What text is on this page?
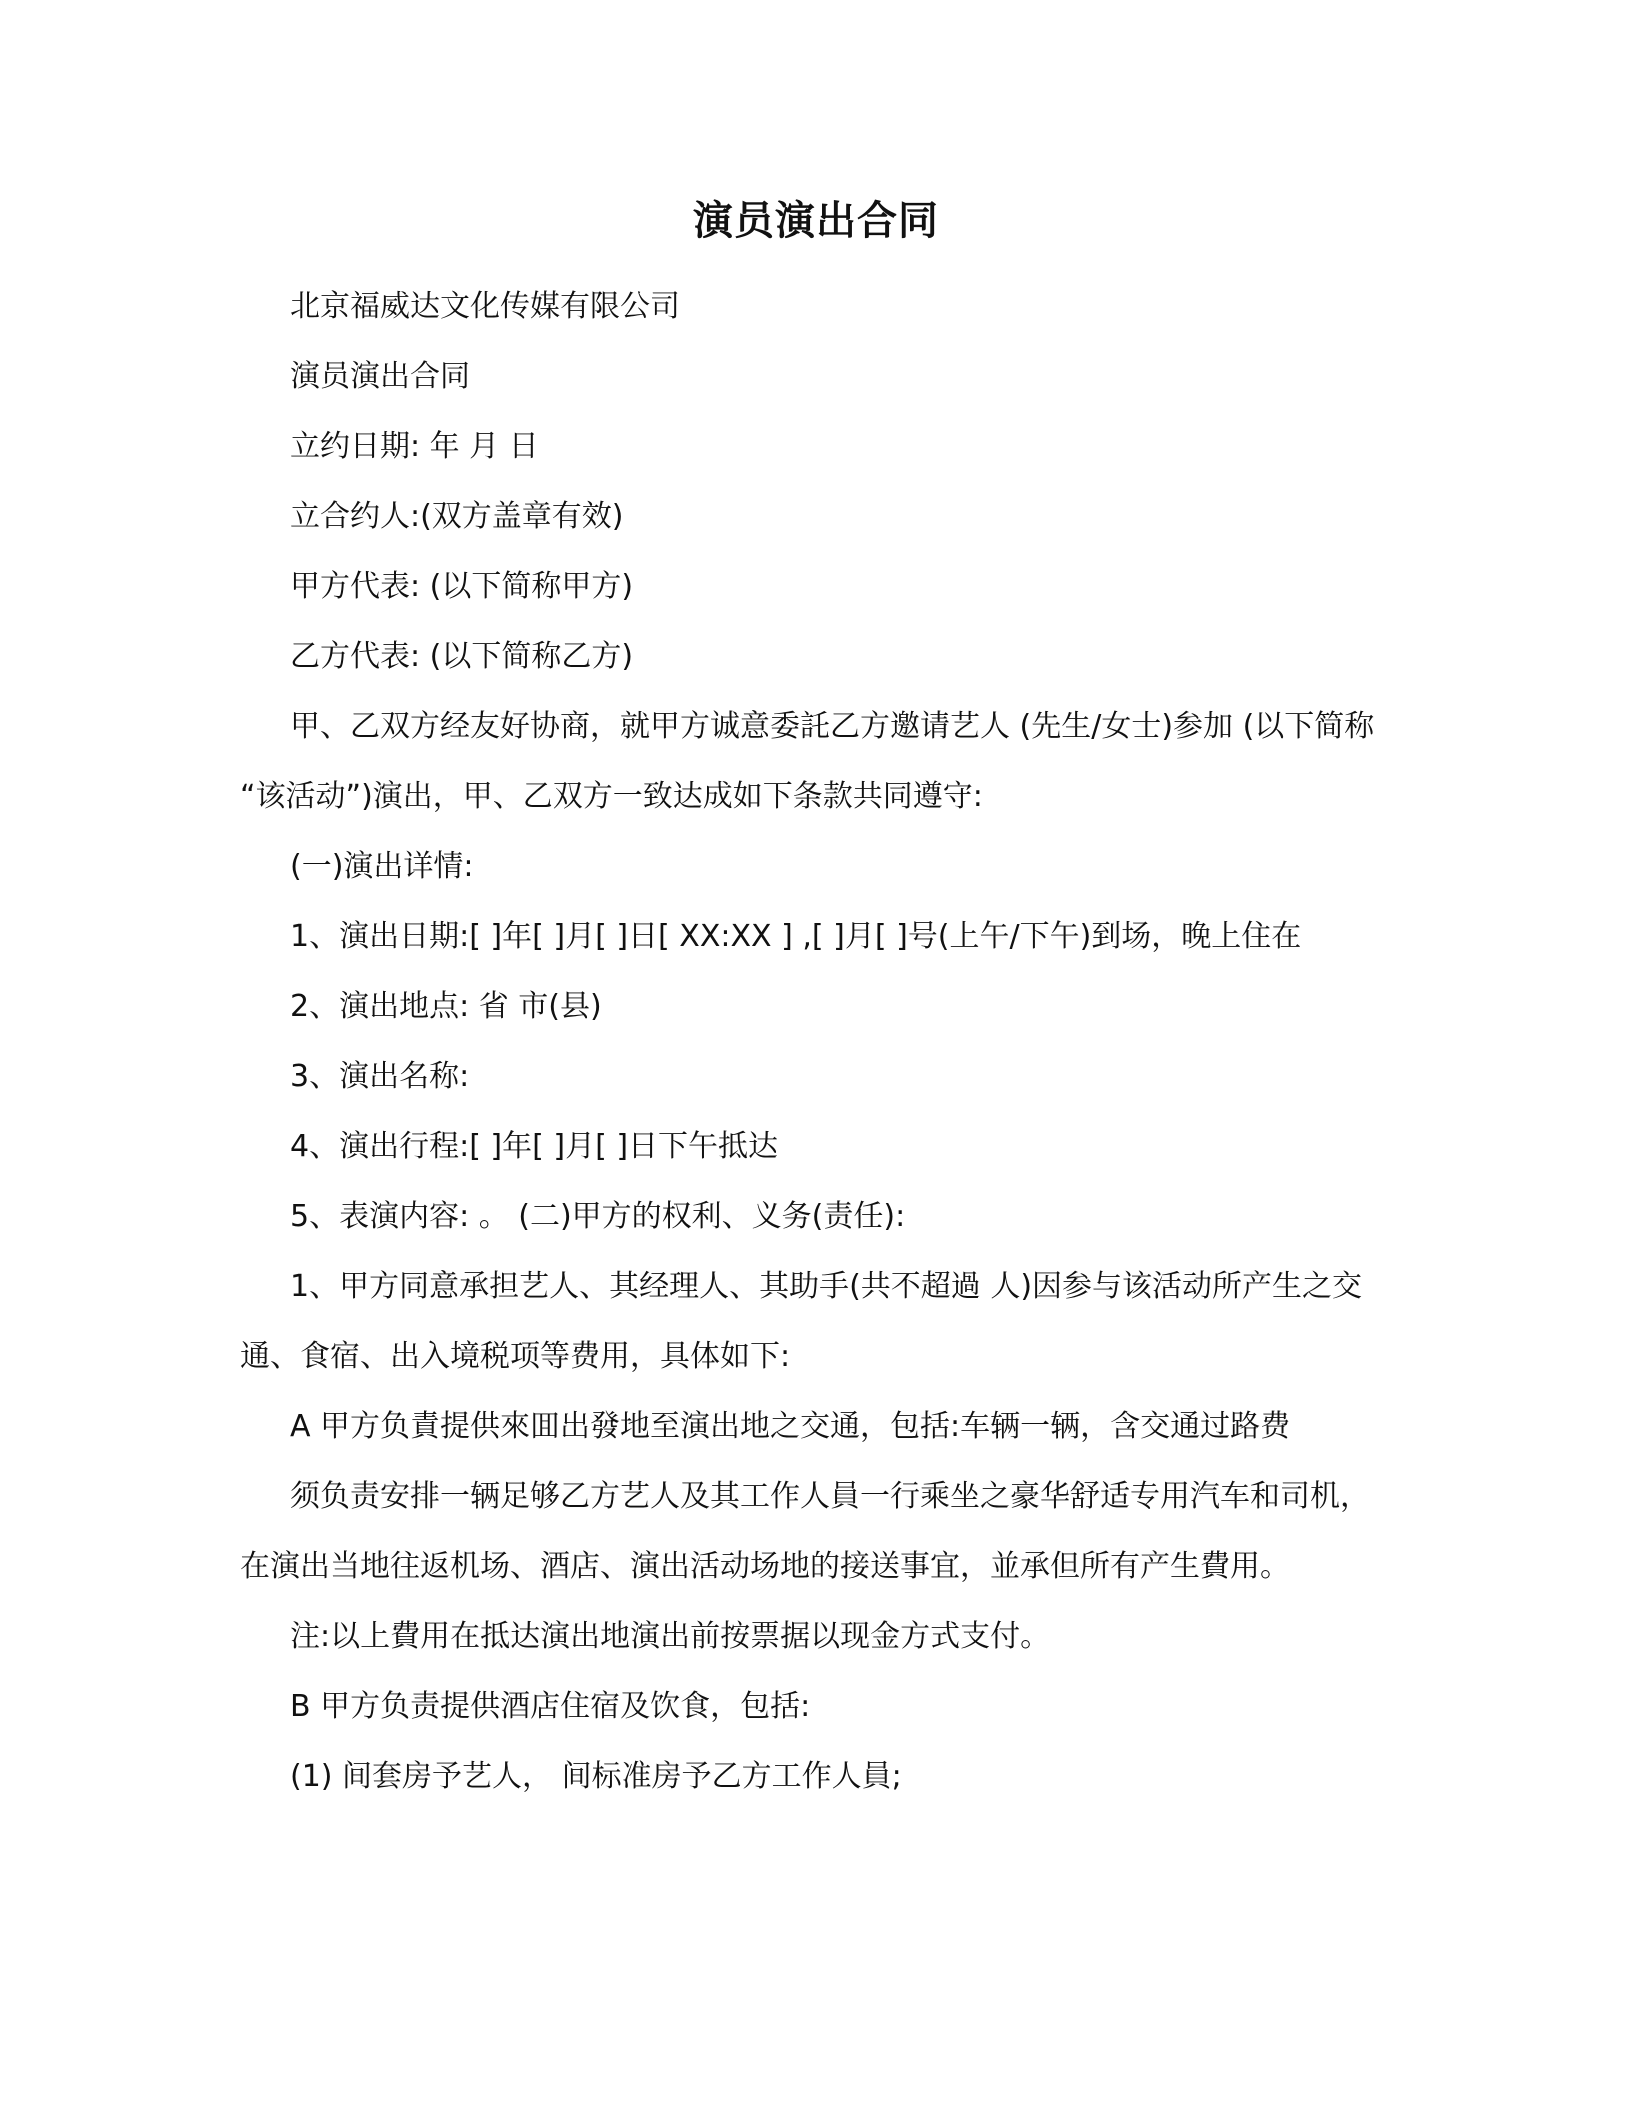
演员演出合同

北京福威达文化传媒有限公司

演员演出合同

立约日期: 年 月 日

立合约人:(双方盖章有效)

甲方代表: (以下简称甲方)

乙方代表: (以下简称乙方)

甲、乙双方经友好协商，就甲方诚意委託乙方邀请艺人 (先生/女士)参加 (以下简称 “该活动”)演出，甲、乙双方一致达成如下条款共同遵守:

(一)演出详情:

1、演出日期:[ ]年[ ]月[ ]日[ XX:XX ] ,[ ]月[ ]号(上午/下午)到场，晚上住在

2、演出地点: 省 市(县)

3、演出名称:

4、演出行程:[ ]年[ ]月[ ]日下午抵达

5、表演内容: 。 (二)甲方的权利、义务(责任):

1、甲方同意承担艺人、其经理人、其助手(共不超過 人)因参与该活动所产生之交通、食宿、出入境税项等费用，具体如下:

A 甲方负責提供來囬出發地至演出地之交通，包括:车辆一辆，含交通过路费

须负责安排一辆足够乙方艺人及其工作人員一行乘坐之豪华舒适专用汽车和司机，在演出当地往返机场、酒店、演出活动场地的接送事宜，並承但所有产生費用。

注:以上費用在抵达演出地演出前按票据以现金方式支付。

B 甲方负责提供酒店住宿及饮食，包括:

(1) 间套房予艺人， 间标准房予乙方工作人員;
